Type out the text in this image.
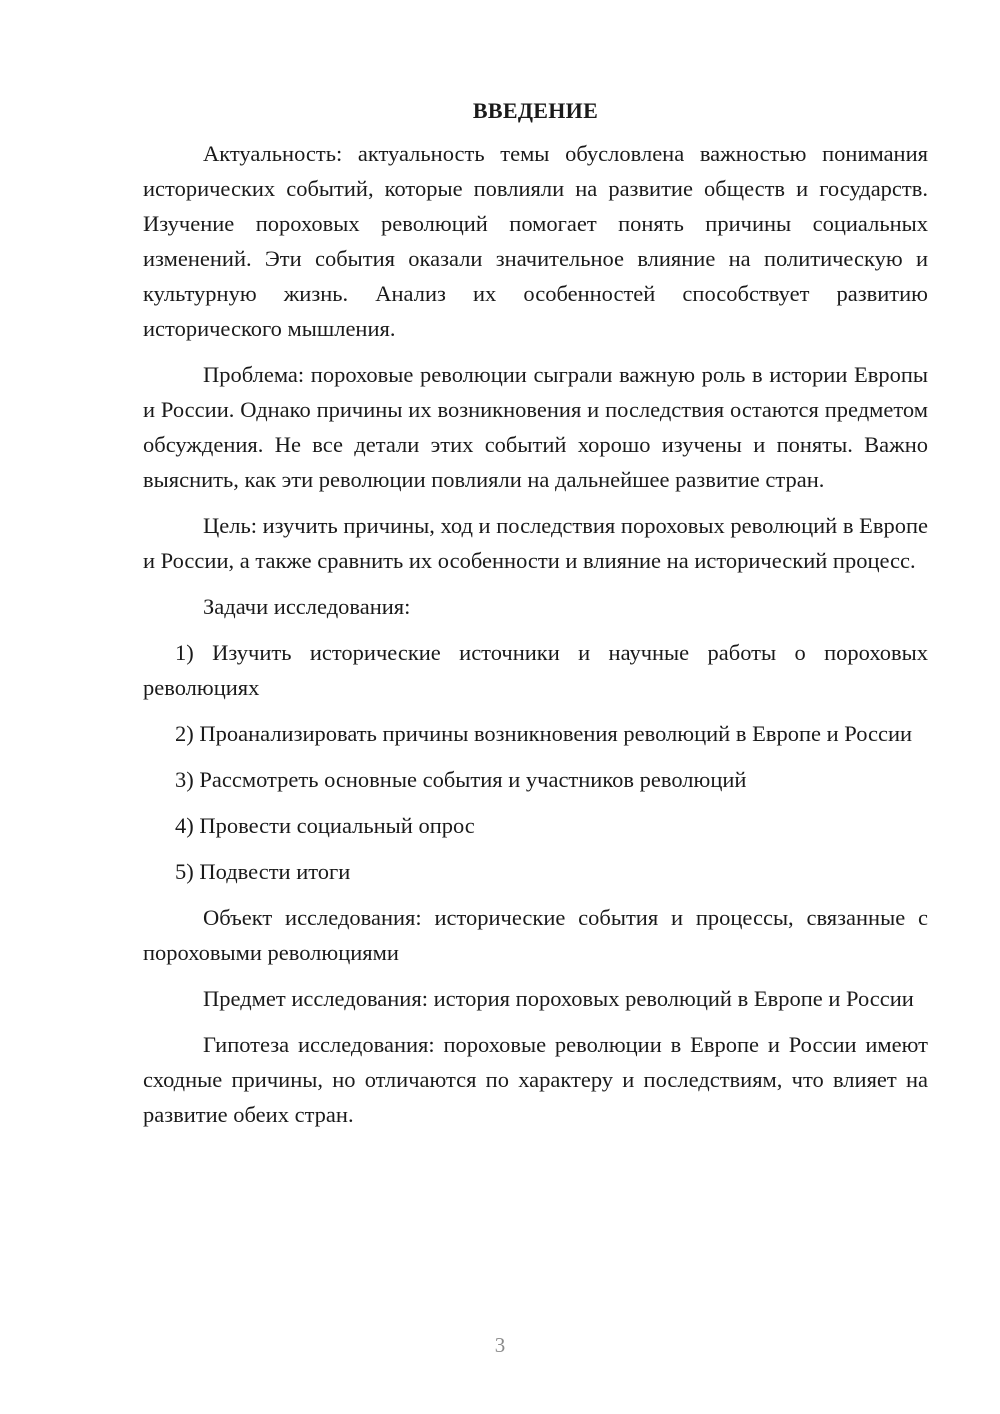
ВВЕДЕНИЕ

Актуальность: актуальность темы обусловлена важностью понимания исторических событий, которые повлияли на развитие обществ и государств. Изучение пороховых революций помогает понять причины социальных изменений. Эти события оказали значительное влияние на политическую и культурную жизнь. Анализ их особенностей способствует развитию исторического мышления.

Проблема: пороховые революции сыграли важную роль в истории Европы и России. Однако причины их возникновения и последствия остаются предметом обсуждения. Не все детали этих событий хорошо изучены и поняты. Важно выяснить, как эти революции повлияли на дальнейшее развитие стран.

Цель: изучить причины, ход и последствия пороховых революций в Европе и России, а также сравнить их особенности и влияние на исторический процесс.

Задачи исследования:

1) Изучить исторические источники и научные работы о пороховых революциях

2) Проанализировать причины возникновения революций в Европе и России

3) Рассмотреть основные события и участников революций

4) Провести социальный опрос

5) Подвести итоги

Объект исследования: исторические события и процессы, связанные с пороховыми революциями

Предмет исследования: история пороховых революций в Европе и России

Гипотеза исследования: пороховые революции в Европе и России имеют сходные причины, но отличаются по характеру и последствиям, что влияет на развитие обеих стран.

3
